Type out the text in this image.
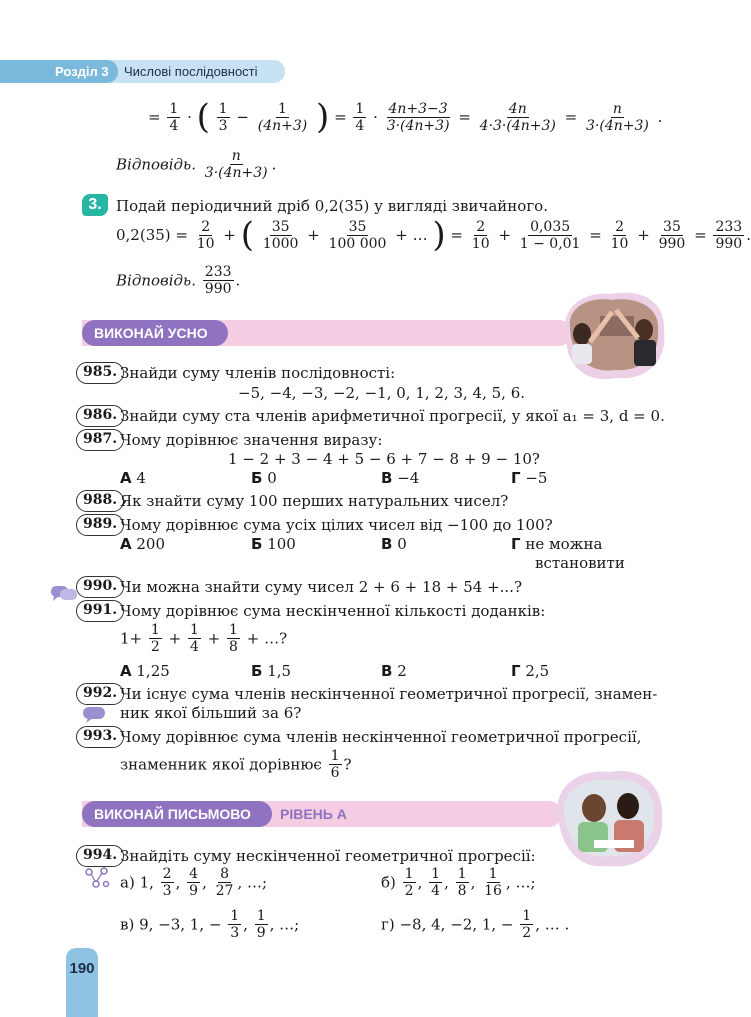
Розділ 3	Числові послідовності
= $\frac{1}{4}$ · ( $\frac{1}{3} - \frac{1}{(4n+3)}$ ) = $\frac{1}{4} \cdot \frac{4n+3-3}{3\cdot(4n+3)} = \frac{4n}{4\cdot 3\cdot(4n+3)} = \frac{n}{3\cdot(4n+3)}$ .
Відповідь. $\frac{n}{3\cdot(4n+3)}$ .
3. Подай періодичний дріб 0,2(35) у вигляді звичайного.
$0,2(35) = \frac{2}{10}$ + ( $\frac{35}{1000} + \frac{35}{100 000}$ + … ) = $\frac{2}{10} + \frac{0,035}{1 - 0,01} = \frac{2}{10} + \frac{35}{990} = \frac{233}{990}$ .
Відповідь. $\frac{233}{990}$ .
ВИКОНАЙ УСНО
985. Знайди суму членів послідовності:
−5, −4, −3, −2, −1, 0, 1, 2, 3, 4, 5, 6.
986. Знайди суму ста членів арифметичної прогресії, у якої a₁ = 3, d = 0.
987. Чому дорівнює значення виразу:
1 − 2 + 3 − 4 + 5 − 6 + 7 − 8 + 9 − 10?
А 4	Б 0	В −4	Г −5
988. Як знайти суму 100 перших натуральних чисел?
989. Чому дорівнює сума усіх цілих чисел від −100 до 100?
А 200	Б 100	В 0	Г не можна
встановити
990. Чи можна знайти суму чисел 2 + 6 + 18 + 54 +...?
991. Чому дорівнює сума нескінченної кількості доданків:
$1+ \frac{1}{2} + \frac{1}{4} + \frac{1}{8}$ + …?
А 1,25	Б 1,5	В 2	Г 2,5
992. Чи існує сума членів нескінченної геометричної прогресії, знамен-
ник якої більший за 6?
993. Чому дорівнює сума членів нескінченної геометричної прогресії,
знаменник якої дорівнює $\frac{1}{6}$ ?
ВИКОНАЙ ПИСЬМОВО	РІВЕНЬ А
994. Знайдіть суму нескінченної геометричної прогресії:
а) 1, $\frac{2}{3}$ , $\frac{4}{9}$ , $\frac{8}{27}$ , …;	$б) \frac{1}{2}$ , $\frac{1}{4}$ , $\frac{1}{8}$ , $\frac{1}{16}$ , …;
в) 9, −3, 1, − $\frac{1}{3}$ , $\frac{1}{9}$ , …;	г) −8, 4, −2, 1, − $\frac{1}{2}$ , … .
190
